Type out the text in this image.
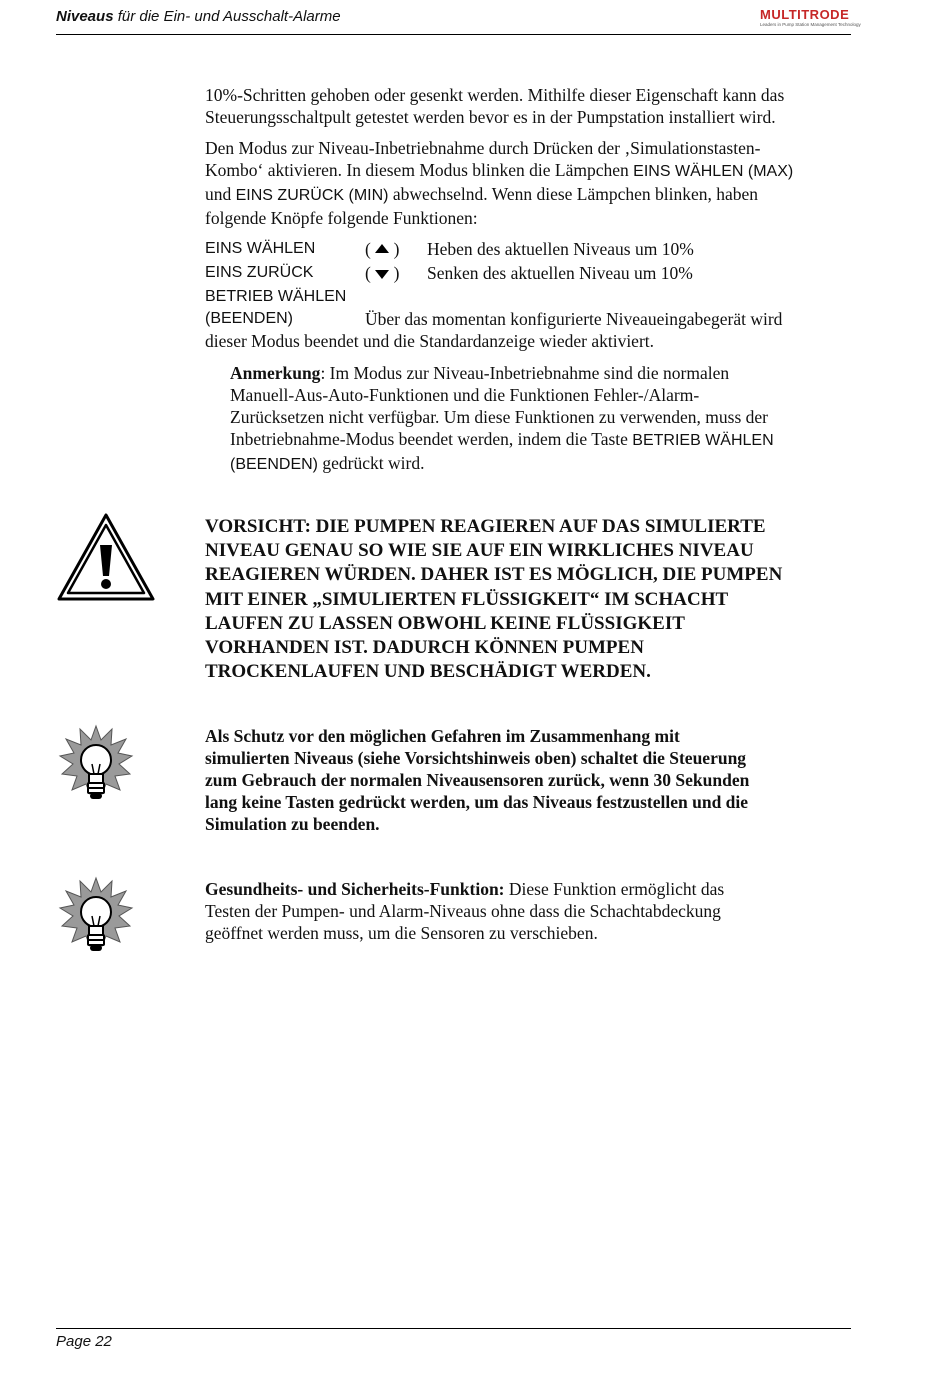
Niveaus für die Ein- und Ausschalt-Alarme	MULTITRODE
Leaders in Pump Station Management Technology
10%-Schritten gehoben oder gesenkt werden. Mithilfe dieser Eigenschaft kann das
Steuerungsschaltpult getestet werden bevor es in der Pumpstation installiert wird.
Den Modus zur Niveau-Inbetriebnahme durch Drücken der ‚Simulationstasten-
Kombo‘ aktivieren. In diesem Modus blinken die Lämpchen EINS WÄHLEN (MAX)
und EINS ZURÜCK (MIN) abwechselnd. Wenn diese Lämpchen blinken, haben
folgende Knöpfe folgende Funktionen:
EINS WÄHLEN	( ) Heben des aktuellen Niveaus um 10%
EINS ZURÜCK	( ) Senken des aktuellen Niveau um 10%
BETRIEB WÄHLEN
(BEENDEN)	Über das momentan konfigurierte Niveaueingabegerät wird
dieser Modus beendet und die Standardanzeige wieder aktiviert.
Anmerkung: Im Modus zur Niveau-Inbetriebnahme sind die normalen
Manuell-Aus-Auto-Funktionen und die Funktionen Fehler-/Alarm-
Zurücksetzen nicht verfügbar. Um diese Funktionen zu verwenden, muss der
Inbetriebnahme-Modus beendet werden, indem die Taste BETRIEB WÄHLEN
(BEENDEN) gedrückt wird.
VORSICHT: DIE PUMPEN REAGIEREN AUF DAS SIMULIERTE
NIVEAU GENAU SO WIE SIE AUF EIN WIRKLICHES NIVEAU
REAGIEREN WÜRDEN. DAHER IST ES MÖGLICH, DIE PUMPEN
MIT EINER „SIMULIERTEN FLÜSSIGKEIT“ IM SCHACHT
LAUFEN ZU LASSEN OBWOHL KEINE FLÜSSIGKEIT
VORHANDEN IST. DADURCH KÖNNEN PUMPEN
TROCKENLAUFEN UND BESCHÄDIGT WERDEN.
Als Schutz vor den möglichen Gefahren im Zusammenhang mit
simulierten Niveaus (siehe Vorsichtshinweis oben) schaltet die Steuerung
zum Gebrauch der normalen Niveausensoren zurück, wenn 30 Sekunden
lang keine Tasten gedrückt werden, um das Niveaus festzustellen und die
Simulation zu beenden.
Gesundheits- und Sicherheits-Funktion: Diese Funktion ermöglicht das
Testen der Pumpen- und Alarm-Niveaus ohne dass die Schachtabdeckung
geöffnet werden muss, um die Sensoren zu verschieben.
Page 22
